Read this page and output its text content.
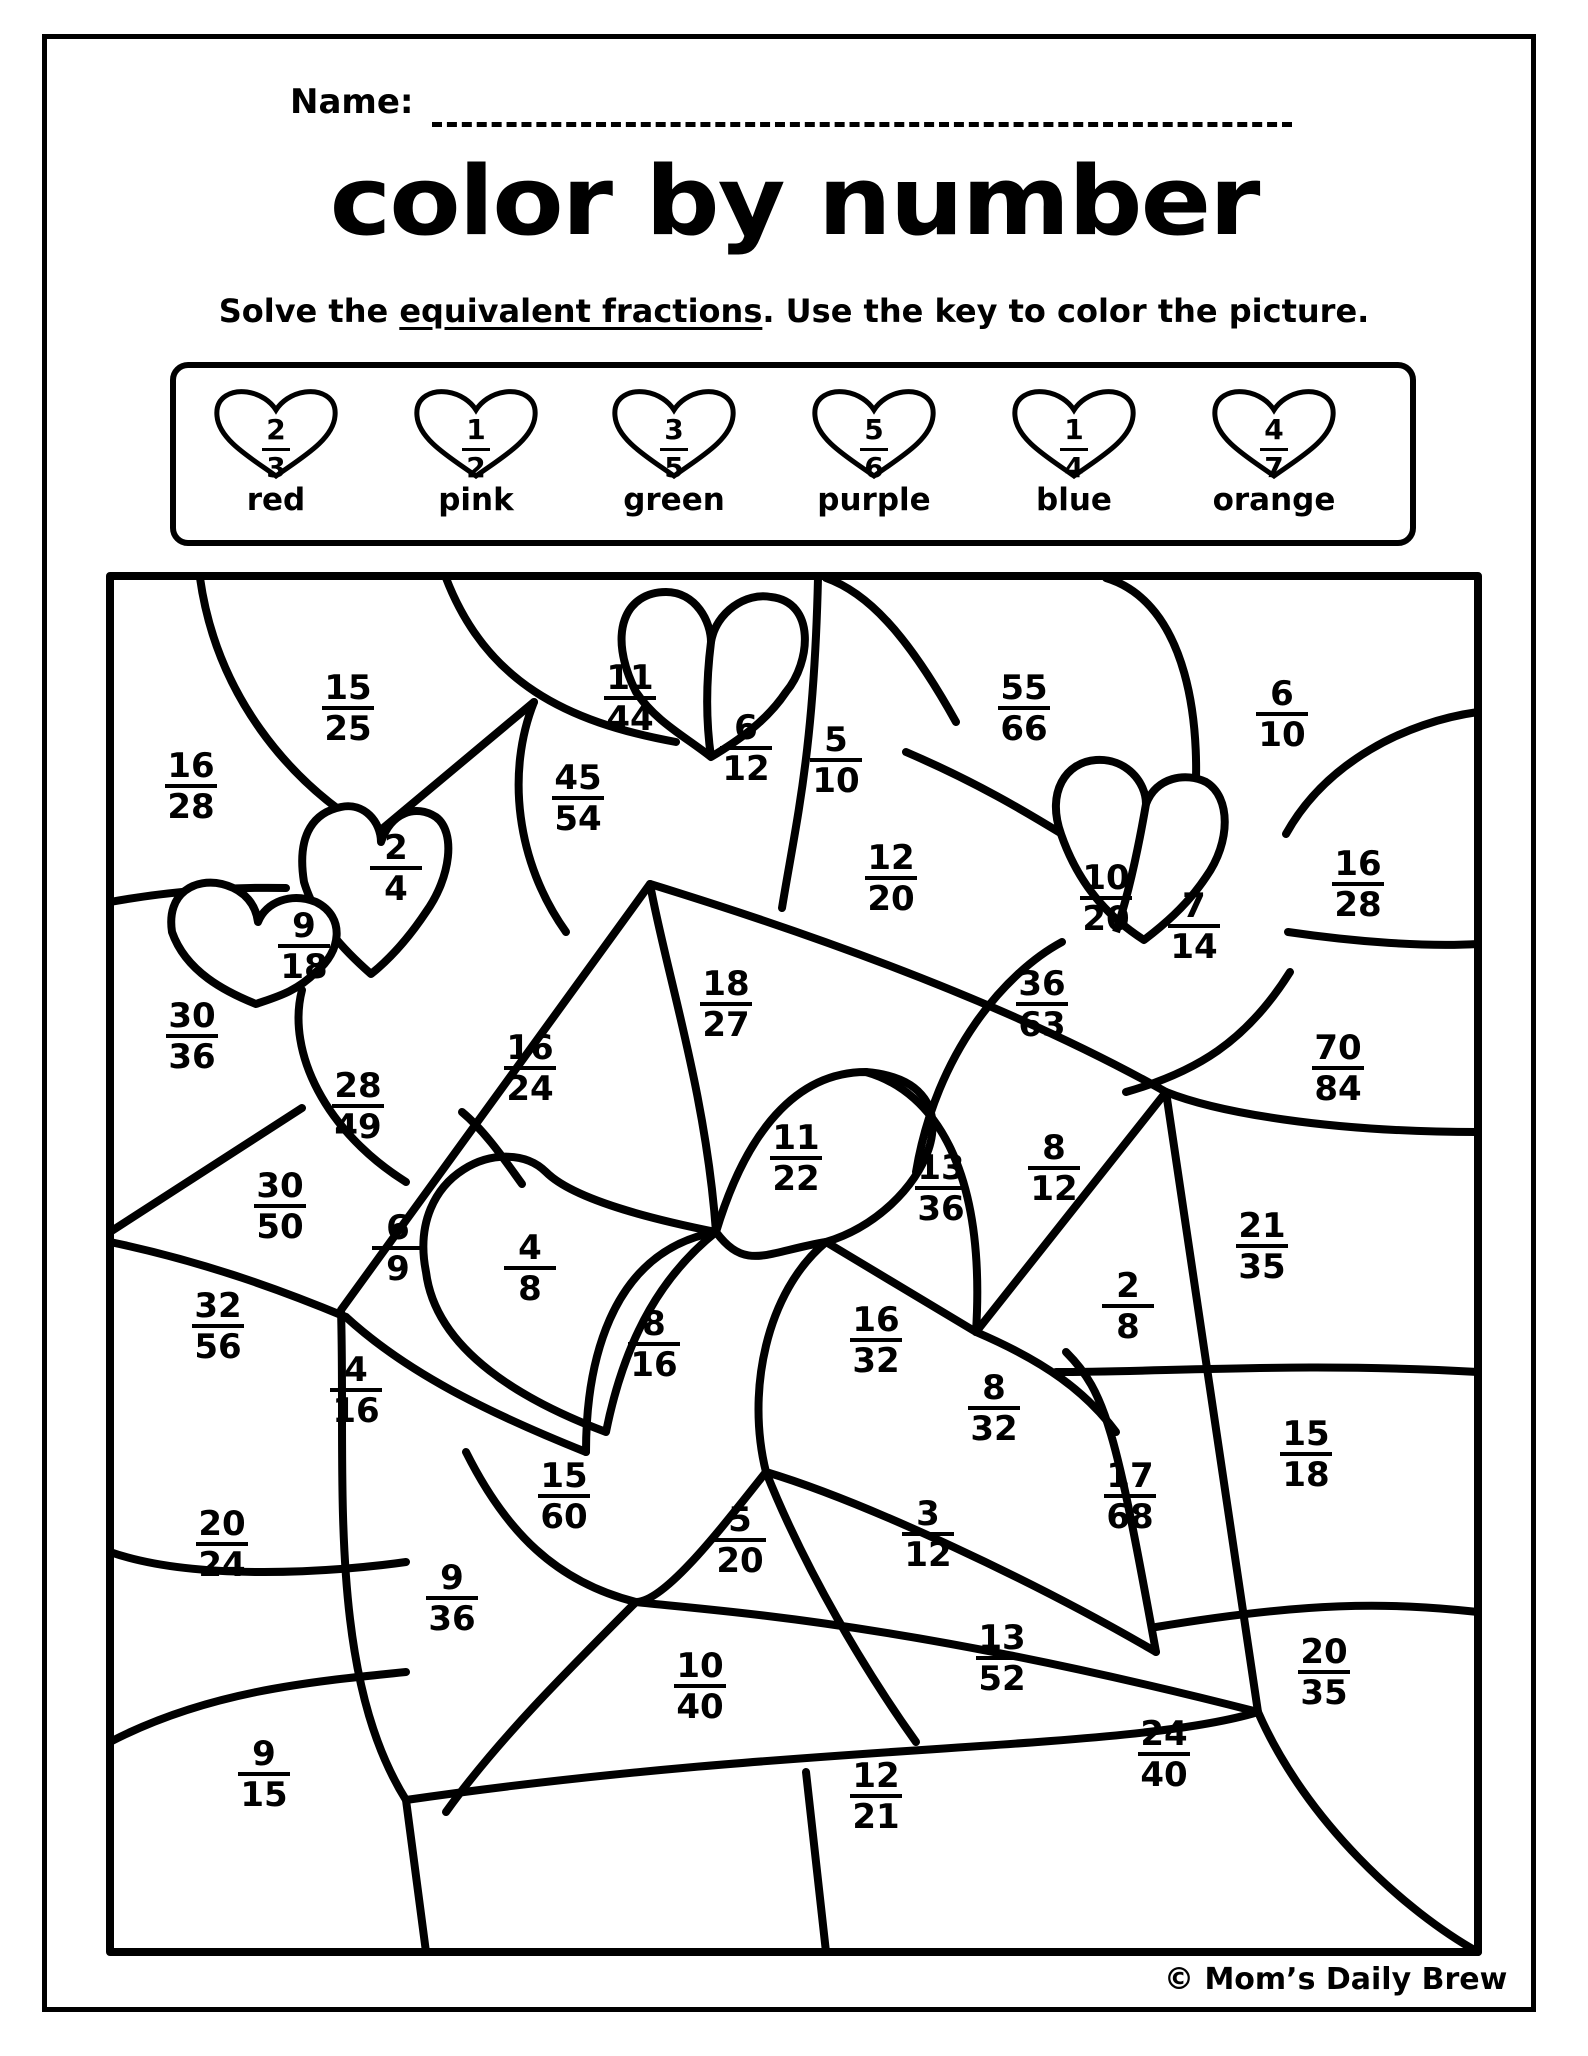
Name:
color by number
Solve the equivalent fractions. Use the key to color the picture.
2
3
red
1
2
pink
3
5
green
5
6
purple
1
4
blue
4
7
orange
15
25
11
44	6
12
5
10
55
66
6
10
16
28
45
54
2
4
12
20
16
28
10
20
9
18
7
14
18
27
36
63
30
36	16
24
70
84
28
49	11
22	13
36
8
12
30
50	6
9
4
8
21
35
2
8
32
56
16
32
8
16
4
16
8
32	15
18
15
60
17
68
20
24
5
20
3
12
9
36	13
52
20
35
10
40
9
15
24
40
12
21
© Mom’s Daily Brew
